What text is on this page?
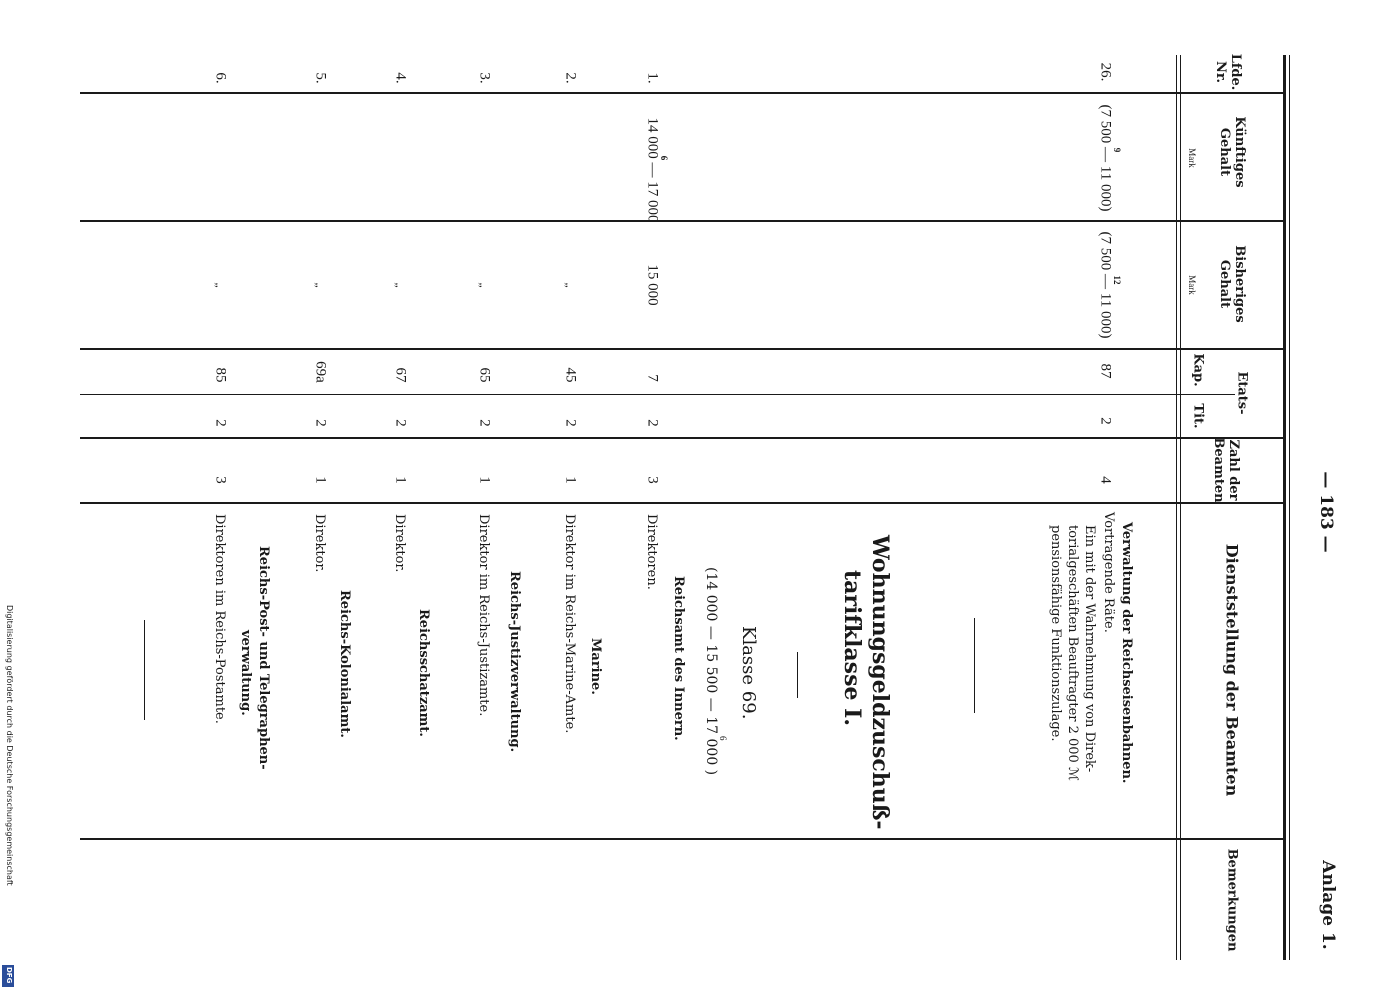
— 183 —
Anlage 1.
Lfde. Nr.
Künftiges Gehalt
Mark
Bisheriges Gehalt
Mark
Etats-
Kap.
Tit.
Zahl der Beamten
Dienststellung der Beamten
Bemerkungen
26.
(7 500 — 11 000)
9
(7 500 — 11 000)
12
87
2
4
Verwaltung der Reichseisenbahnen.
Vortragende Räte.
Ein mit der Wahrnehmung von Direk-
torialgeschäften Beauftragter 2 000 ℳ
pensionsfähige Funktionszulage.
Wohnungsgeldzuschuß-
tarifklasse I.
Klasse 69.
(14 000 — 15 500 — 17 000 ) 6
Reichsamt des Innern.
1.
14 000 — 17 000
6
15 000
7
2
3
Direktoren.
Marine.
2.
„
45
2
1
Direktor im Reichs-Marine-Amte.
Reichs-Justizverwaltung.
3.
„
65
2
1
Direktor im Reichs-Justizamte.
Reichsschatzamt.
4.
„
67
2
1
Direktor.
Reichs-Kolonialamt.
5.
„
69a
2
1
Direktor.
Reichs-Post- und Telegraphen-
verwaltung.
6.
„
85
2
3
Direktoren im Reichs-Postamte.
Digitalisierung gefördert durch die Deutsche Forschungsgemeinschaft
DFG
